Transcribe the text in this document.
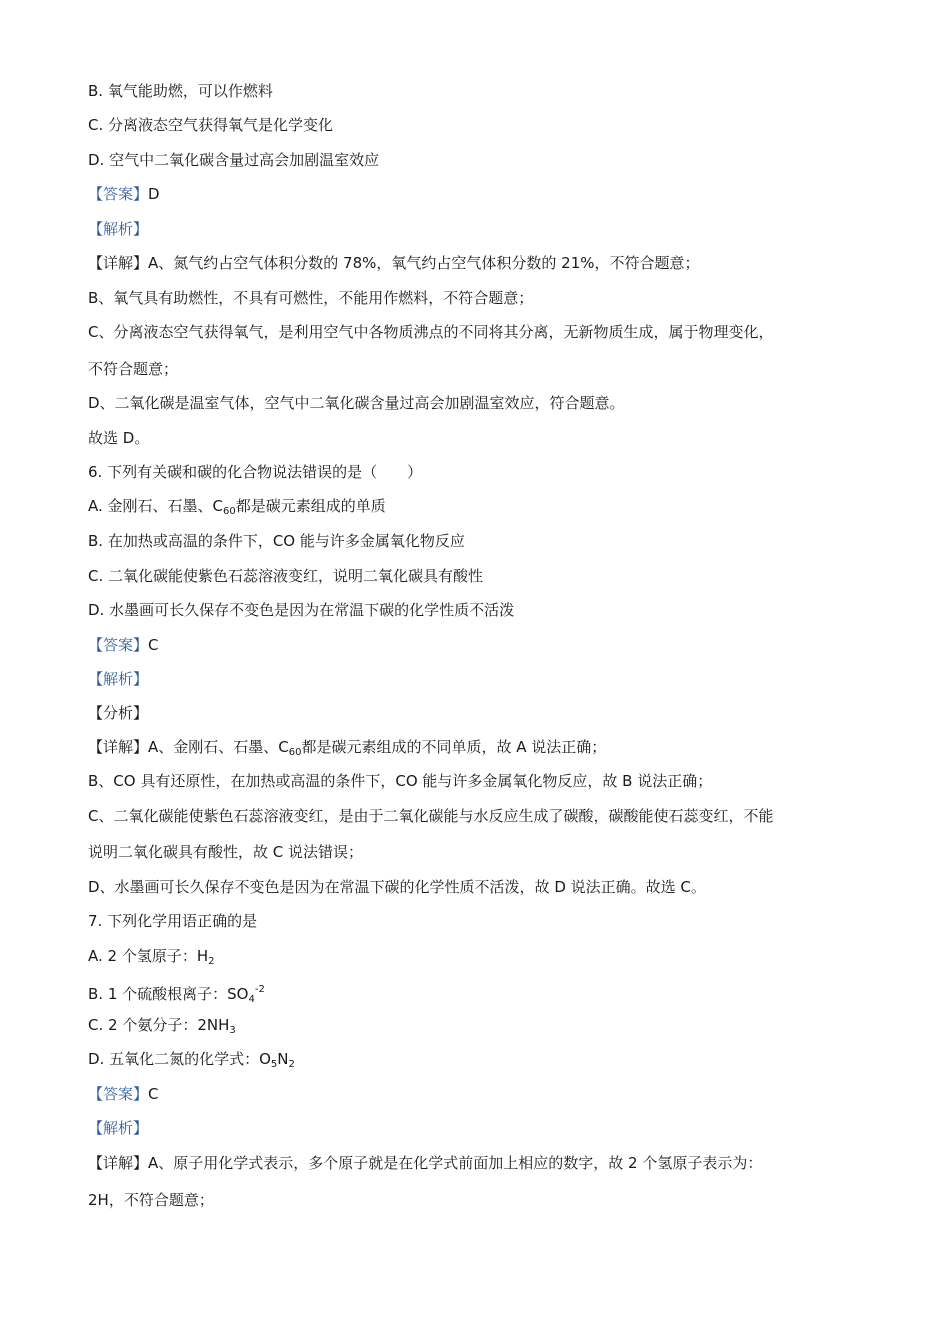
B. 氧气能助燃，可以作燃料
C. 分离液态空气获得氧气是化学变化
D. 空气中二氧化碳含量过高会加剧温室效应
【答案】D
【解析】
【详解】A、氮气约占空气体积分数的 78%，氧气约占空气体积分数的 21%，不符合题意；
B、氧气具有助燃性，不具有可燃性，不能用作燃料，不符合题意；
C、分离液态空气获得氧气，是利用空气中各物质沸点的不同将其分离，无新物质生成，属于物理变化，
不符合题意；
D、二氧化碳是温室气体，空气中二氧化碳含量过高会加剧温室效应，符合题意。
故选 D。
6. 下列有关碳和碳的化合物说法错误的是（　　）
A. 金刚石、石墨、$C_{60}$都是碳元素组成的单质
B. 在加热或高温的条件下，CO 能与许多金属氧化物反应
C. 二氧化碳能使紫色石蕊溶液变红，说明二氧化碳具有酸性
D. 水墨画可长久保存不变色是因为在常温下碳的化学性质不活泼
【答案】C
【解析】
【分析】
【详解】A、金刚石、石墨、$C_{60}$都是碳元素组成的不同单质，故 A 说法正确；
B、CO 具有还原性，在加热或高温的条件下，CO 能与许多金属氧化物反应，故 B 说法正确；
C、二氧化碳能使紫色石蕊溶液变红，是由于二氧化碳能与水反应生成了碳酸，碳酸能使石蕊变红，不能
说明二氧化碳具有酸性，故 C 说法错误；
D、水墨画可长久保存不变色是因为在常温下碳的化学性质不活泼，故 D 说法正确。故选 C。
7. 下列化学用语正确的是
A. 2 个氢原子：$H_2$
B. 1 个硫酸根离子：$SO_4^{-2}$
C. 2 个氨分子：$2NH_3$
D. 五氧化二氮的化学式：$O_5N_2$
【答案】C
【解析】
【详解】A、原子用化学式表示，多个原子就是在化学式前面加上相应的数字，故 2 个氢原子表示为：
2H，不符合题意；
